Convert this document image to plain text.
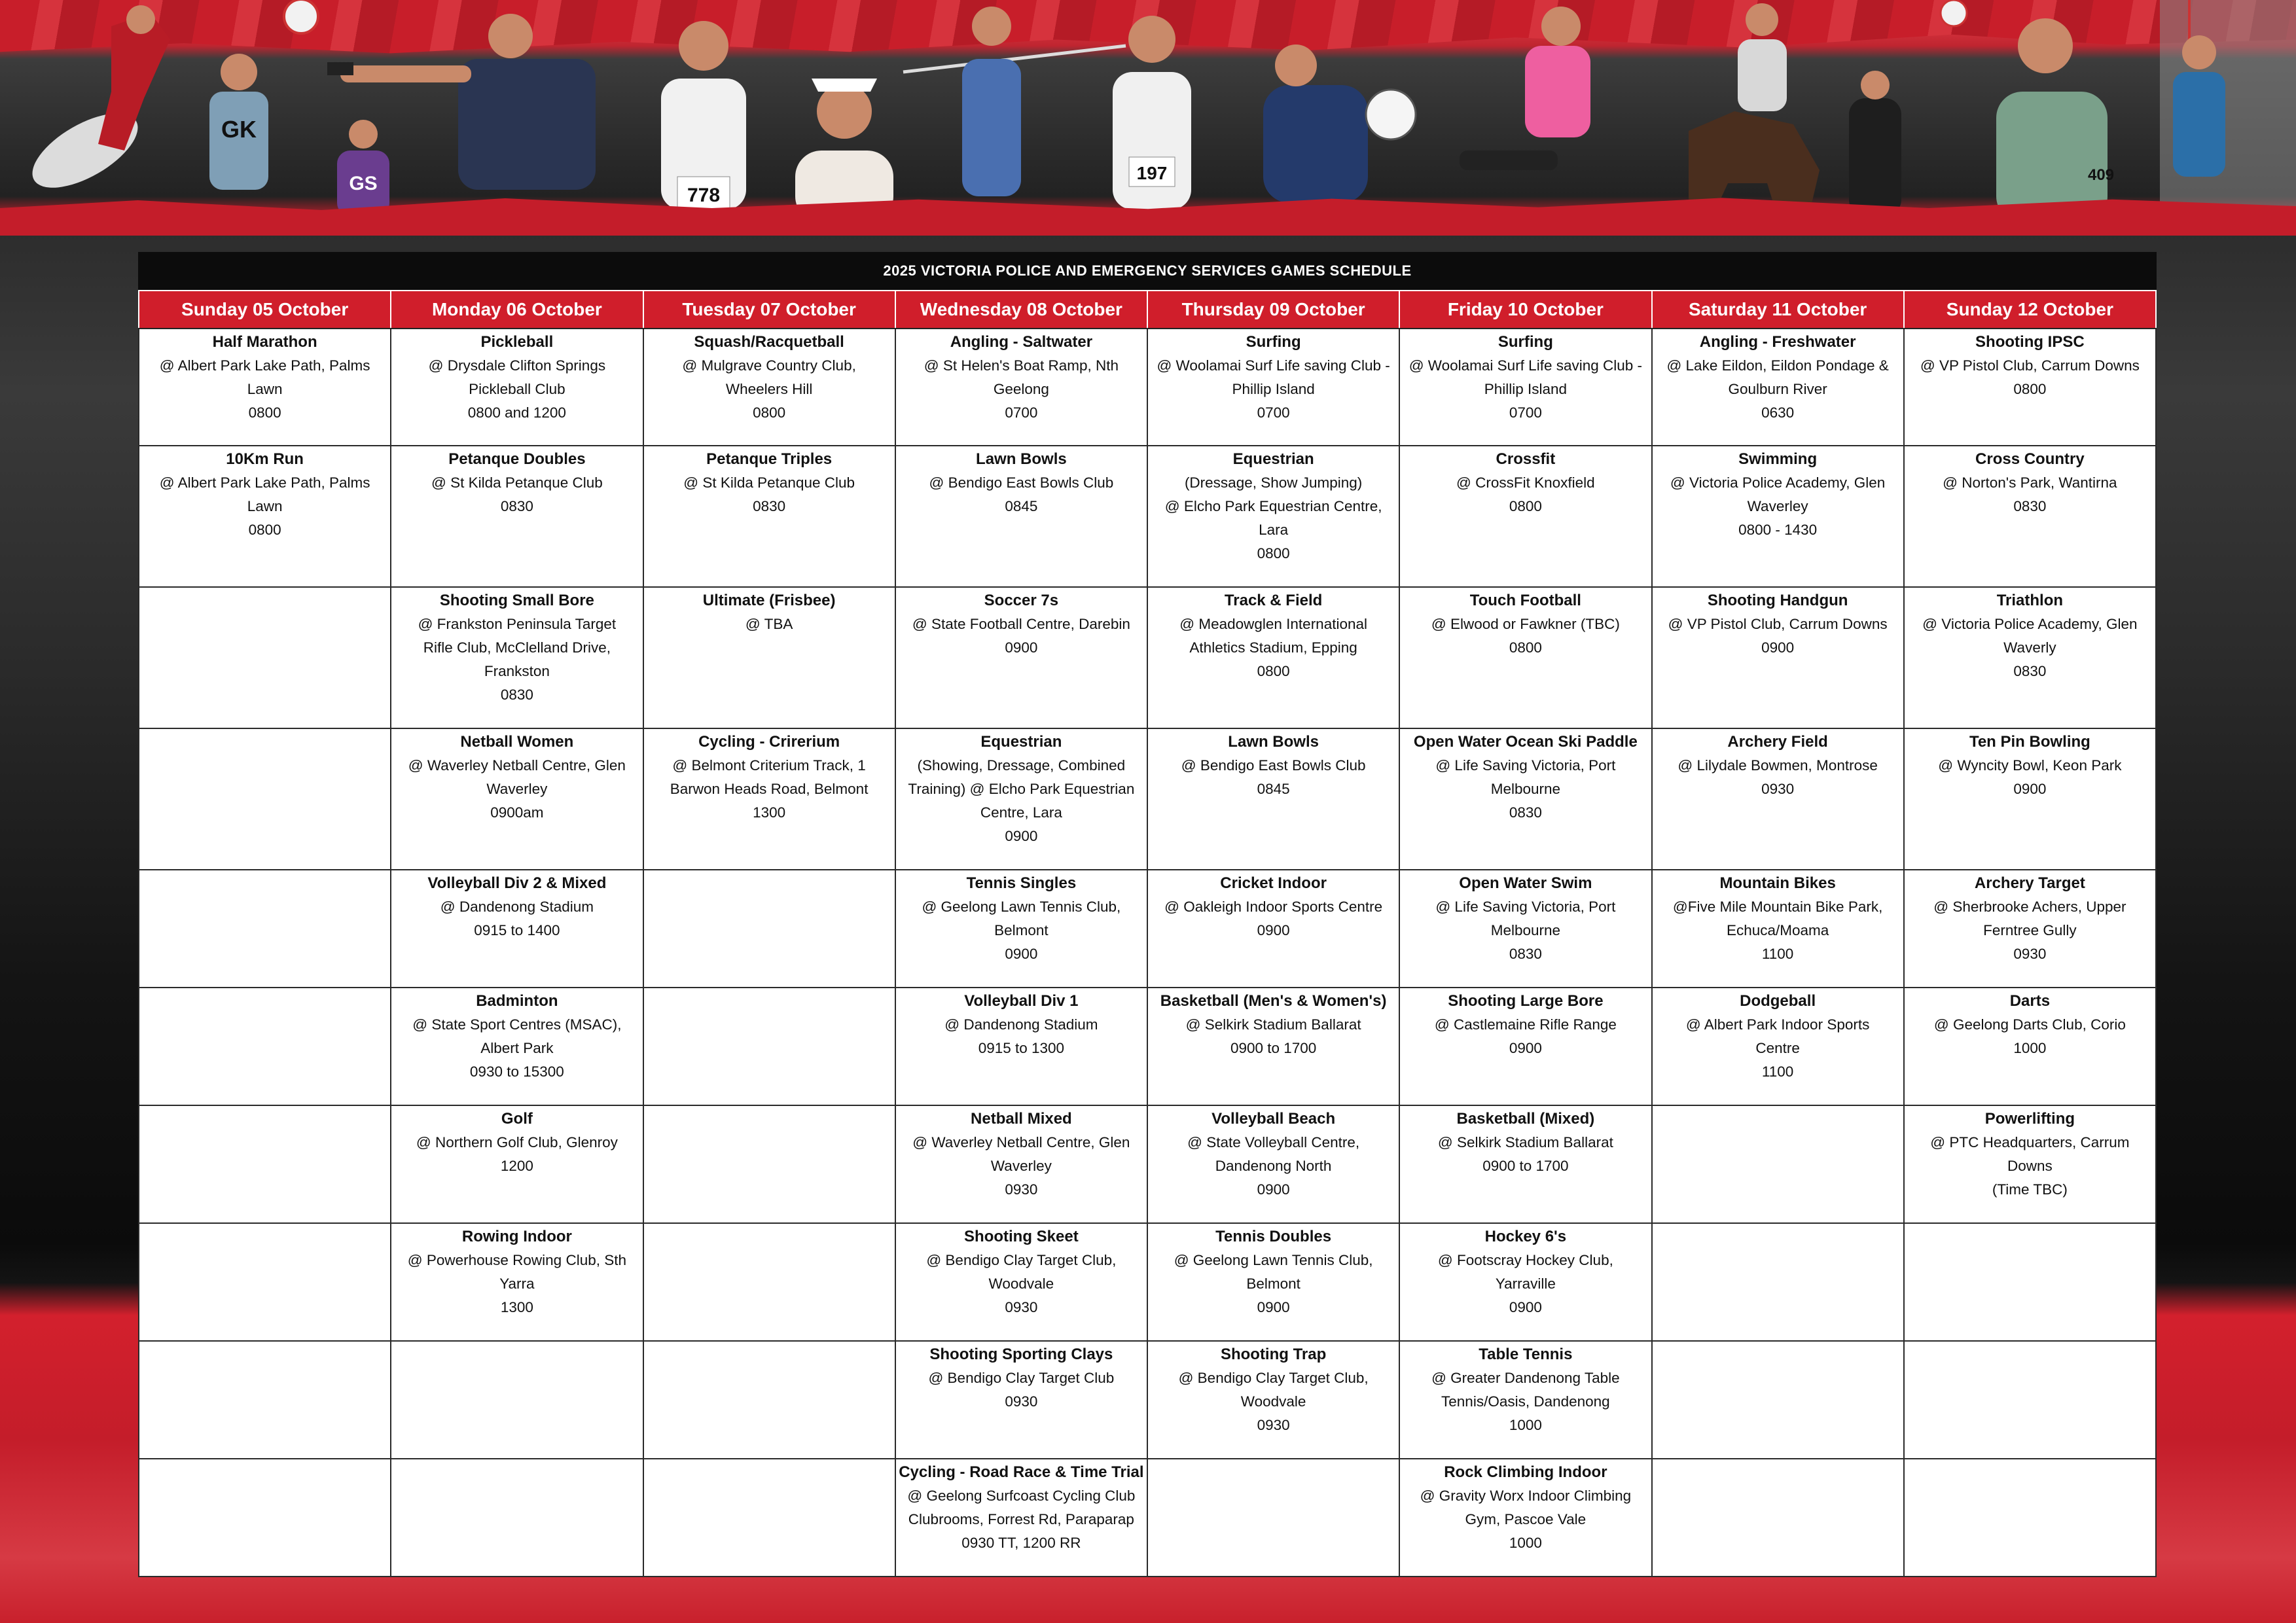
GK
GS
778
197	409
2025 VICTORIA POLICE AND EMERGENCY SERVICES GAMES SCHEDULE
Sunday 05 October	Monday 06 October	Tuesday 07 October	Wednesday 08 October	Thursday 09 October	Friday 10 October	Saturday 11 October	Sunday 12 October

Half Marathon
@ Albert Park Lake Path, Palms
Lawn
0800	Pickleball
@ Drysdale Clifton Springs
Pickleball Club
0800 and 1200	Squash/Racquetball
@ Mulgrave Country Club,
Wheelers Hill
0800	Angling - Saltwater
@ St Helen's Boat Ramp, Nth
Geelong
0700	Surfing
@ Woolamai Surf Life saving Club -
Phillip Island
0700	Surfing
@ Woolamai Surf Life saving Club -
Phillip Island
0700	Angling - Freshwater
@ Lake Eildon, Eildon Pondage &
Goulburn River
0630	Shooting IPSC
@ VP Pistol Club, Carrum Downs
0800

10Km Run
@ Albert Park Lake Path, Palms
Lawn
0800	Petanque Doubles
@ St Kilda Petanque Club
0830	Petanque Triples
@ St Kilda Petanque Club
0830	Lawn Bowls
@ Bendigo East Bowls Club
0845	Equestrian
(Dressage, Show Jumping)
@ Elcho Park Equestrian Centre,
Lara
0800	Crossfit
@ CrossFit Knoxfield
0800	Swimming
@ Victoria Police Academy, Glen
Waverley
0800 - 1430	Cross Country
@ Norton's Park, Wantirna
0830

	Shooting Small Bore
@ Frankston Peninsula Target
Rifle Club, McClelland Drive,
Frankston
0830	Ultimate (Frisbee)
@ TBA	Soccer 7s
@ State Football Centre, Darebin
0900	Track & Field
@ Meadowglen International
Athletics Stadium, Epping
0800	Touch Football
@ Elwood or Fawkner (TBC)
0800	Shooting Handgun
@ VP Pistol Club, Carrum Downs
0900	Triathlon
@ Victoria Police Academy, Glen
Waverly
0830

	Netball Women
@ Waverley Netball Centre, Glen
Waverley
0900am	Cycling - Crirerium
@ Belmont Criterium Track, 1
Barwon Heads Road, Belmont
1300	Equestrian
(Showing, Dressage, Combined
Training) @ Elcho Park Equestrian
Centre, Lara
0900	Lawn Bowls
@ Bendigo East Bowls Club
0845	Open Water Ocean Ski Paddle
@ Life Saving Victoria, Port
Melbourne
0830	Archery Field
@ Lilydale Bowmen, Montrose
0930	Ten Pin Bowling
@ Wyncity Bowl, Keon Park
0900

	Volleyball Div 2 & Mixed
@ Dandenong Stadium
0915 to 1400		Tennis Singles
@ Geelong Lawn Tennis Club,
Belmont
0900	Cricket Indoor
@ Oakleigh Indoor Sports Centre
0900	Open Water Swim
@ Life Saving Victoria, Port
Melbourne
0830	Mountain Bikes
@Five Mile Mountain Bike Park,
Echuca/Moama
1100	Archery Target
@ Sherbrooke Achers, Upper
Ferntree Gully
0930

	Badminton
@ State Sport Centres (MSAC),
Albert Park
0930 to 15300		Volleyball Div 1
@ Dandenong Stadium
0915 to 1300	Basketball (Men's & Women's)
@ Selkirk Stadium Ballarat
0900 to 1700	Shooting Large Bore
@ Castlemaine Rifle Range
0900	Dodgeball
@ Albert Park Indoor Sports
Centre
1100	Darts
@ Geelong Darts Club, Corio
1000

	Golf
@ Northern Golf Club, Glenroy
1200		Netball Mixed
@ Waverley Netball Centre, Glen
Waverley
0930	Volleyball Beach
@ State Volleyball Centre,
Dandenong North
0900	Basketball (Mixed)
@ Selkirk Stadium Ballarat
0900 to 1700		Powerlifting
@ PTC Headquarters, Carrum
Downs
(Time TBC)

	Rowing Indoor
@ Powerhouse Rowing Club, Sth
Yarra
1300		Shooting Skeet
@ Bendigo Clay Target Club,
Woodvale
0930	Tennis Doubles
@ Geelong Lawn Tennis Club,
Belmont
0900	Hockey 6's
@ Footscray Hockey Club,
Yarraville
0900		

			Shooting Sporting Clays
@ Bendigo Clay Target Club
0930	Shooting Trap
@ Bendigo Clay Target Club,
Woodvale
0930	Table Tennis
@ Greater Dandenong Table
Tennis/Oasis, Dandenong
1000		

			Cycling - Road Race & Time Trial
@ Geelong Surfcoast Cycling Club
Clubrooms, Forrest Rd, Paraparap
0930 TT, 1200 RR		Rock Climbing Indoor
@ Gravity Worx Indoor Climbing
Gym, Pascoe Vale
1000		
